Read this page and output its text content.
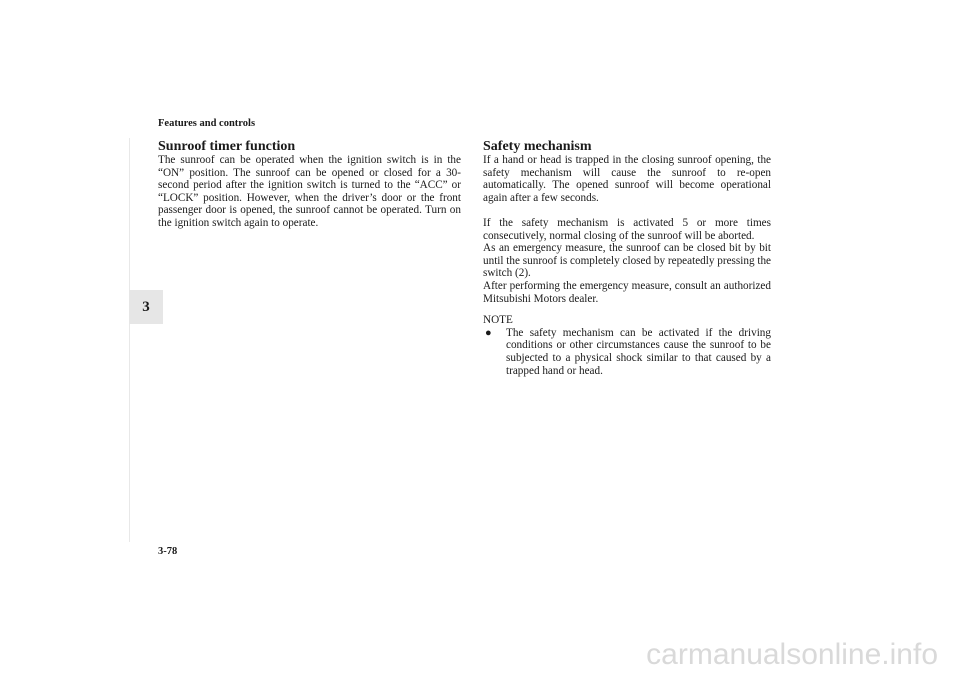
Features and controls
3
Sunroof timer function

The sunroof can be operated when the ignition switch is in the “ON” position. The sunroof can be opened or closed for a 30-second period after the ignition switch is turned to the “ACC” or “LOCK” position. However, when the driver’s door or the front passenger door is opened, the sunroof cannot be operated. Turn on the ignition switch again to operate.

Safety mechanism

If a hand or head is trapped in the closing sunroof opening, the safety mechanism will cause the sunroof to re-open automatically. The opened sunroof will become operational again after a few seconds.

If the safety mechanism is activated 5 or more times consecutively, normal closing of the sunroof will be aborted.

As an emergency measure, the sunroof can be closed bit by bit until the sunroof is completely closed by repeatedly pressing the switch (2).

After performing the emergency measure, consult an authorized Mitsubishi Motors dealer.

NOTE

●	The safety mechanism can be activated if the driving conditions or other circumstances cause the sunroof to be subjected to a physical shock similar to that caused by a trapped hand or head.
3-78
carmanualsonline.info
